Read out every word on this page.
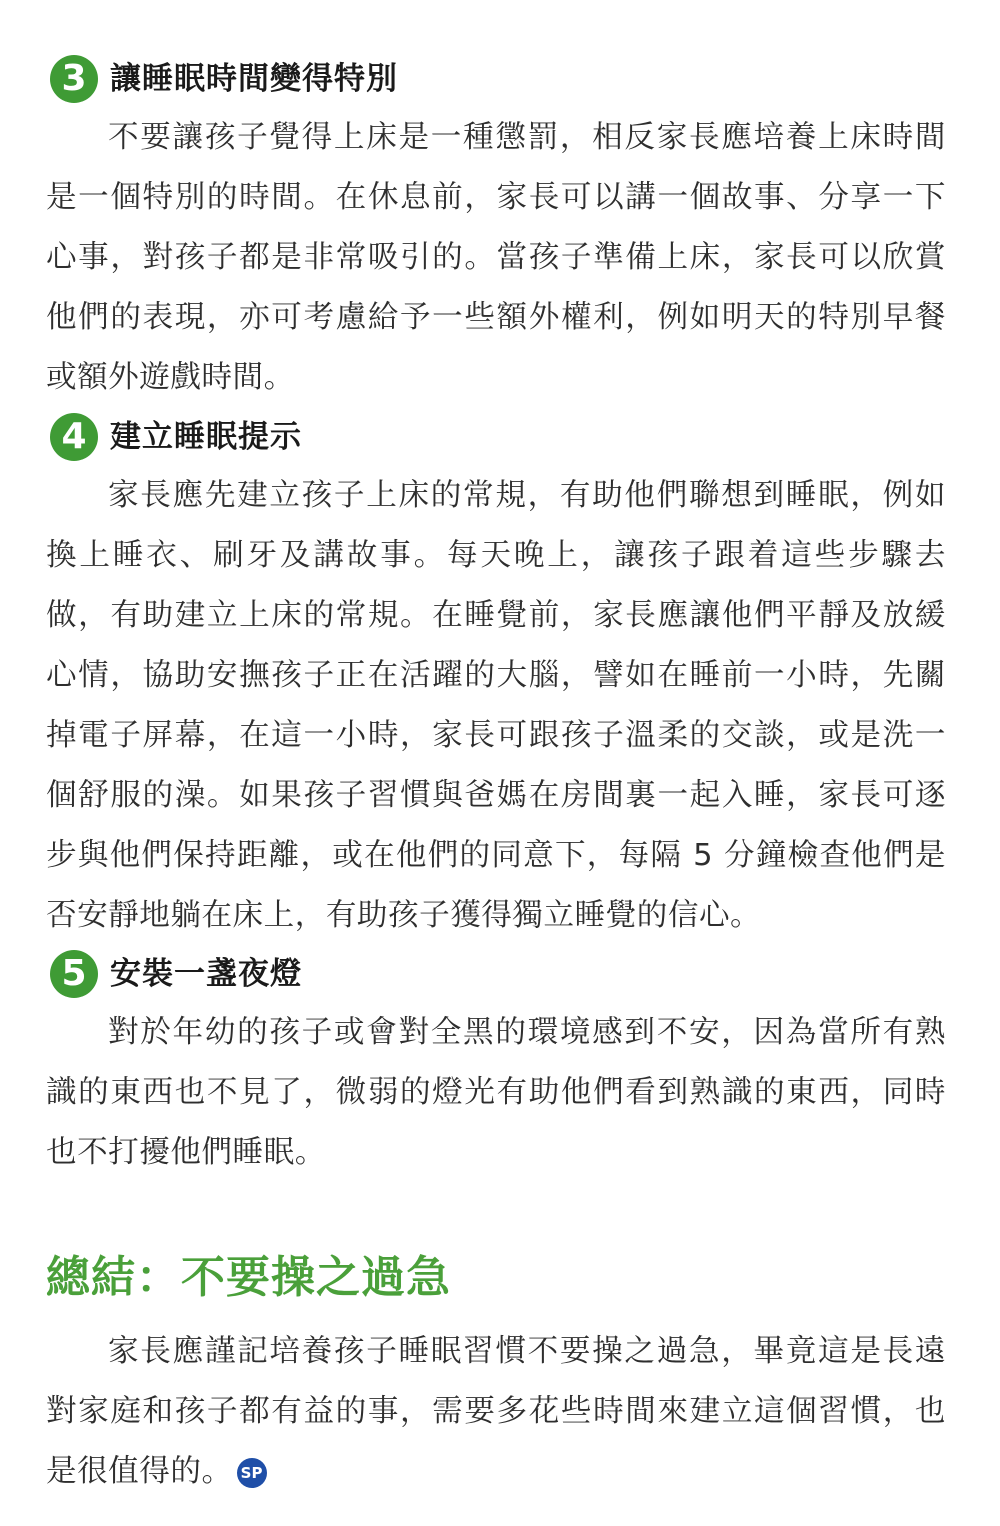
3 讓睡眠時間變得特別

不要讓孩子覺得上床是一種懲罰，相反家長應培養上床時間是一個特別的時間。在休息前，家長可以講一個故事、分享一下心事，對孩子都是非常吸引的。當孩子準備上床，家長可以欣賞他們的表現，亦可考慮給予一些額外權利，例如明天的特別早餐或額外遊戲時間。

4 建立睡眠提示

家長應先建立孩子上床的常規，有助他們聯想到睡眠，例如換上睡衣、刷牙及講故事。每天晚上，讓孩子跟着這些步驟去做，有助建立上床的常規。在睡覺前，家長應讓他們平靜及放緩心情，協助安撫孩子正在活躍的大腦，譬如在睡前一小時，先關掉電子屏幕，在這一小時，家長可跟孩子溫柔的交談，或是洗一個舒服的澡。如果孩子習慣與爸媽在房間裏一起入睡，家長可逐步與他們保持距離，或在他們的同意下，每隔 5 分鐘檢查他們是否安靜地躺在床上，有助孩子獲得獨立睡覺的信心。

5 安裝一盞夜燈

對於年幼的孩子或會對全黑的環境感到不安，因為當所有熟識的東西也不見了，微弱的燈光有助他們看到熟識的東西，同時也不打擾他們睡眠。

總結：不要操之過急

家長應謹記培養孩子睡眠習慣不要操之過急，畢竟這是長遠對家庭和孩子都有益的事，需要多花些時間來建立這個習慣，也是很值得的。 SP
